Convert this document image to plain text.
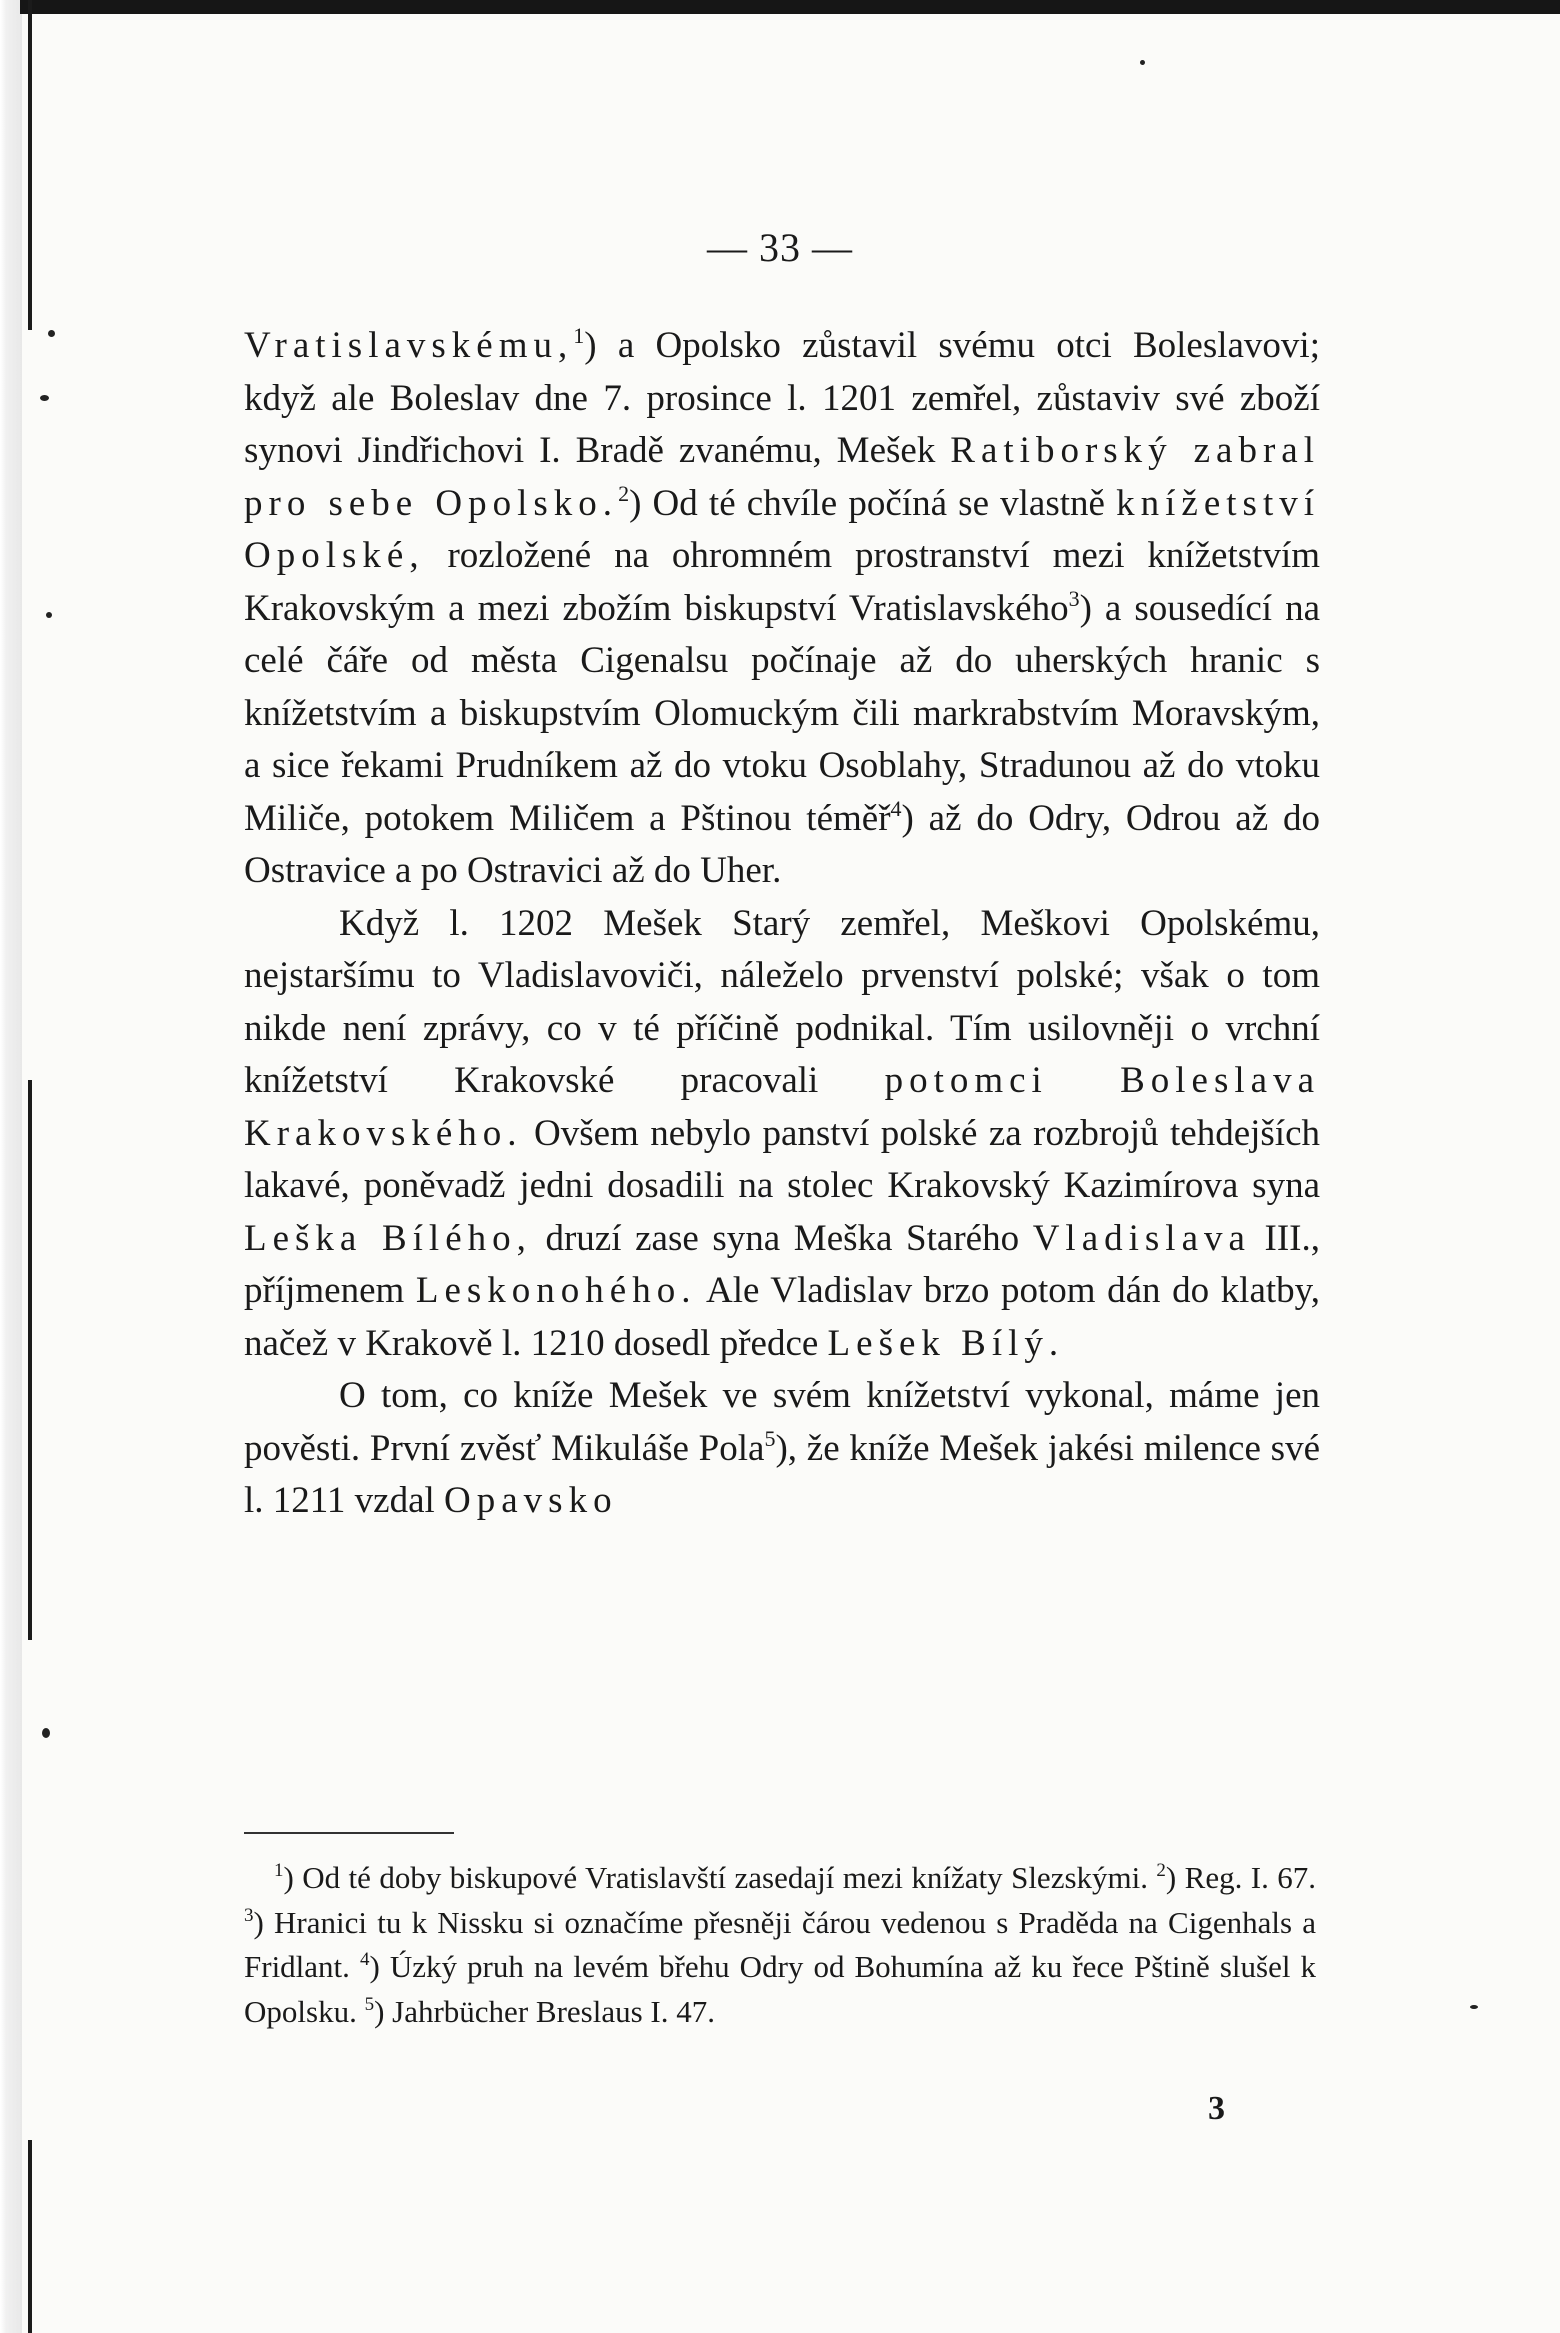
— 33 —

Vratislavskému,$^1$) a Opolsko zůstavil svému otci Boleslavovi; když ale Boleslav dne 7. prosince l. 1201 zemřel, zůstaviv své zboží synovi Jindřichovi I. Bradě zvanému, Mešek Ratiborský zabral pro sebe Opolsko.$^2$) Od té chvíle počíná se vlastně knížetství Opolské, rozložené na ohromném prostranství mezi knížetstvím Krakovským a mezi zbožím biskupství Vratislavského$^3$) a sousedící na celé čáře od města Cigenalsu počínaje až do uherských hranic s knížetstvím a biskupstvím Olomuckým čili markrabstvím Moravským, a sice řekami Prudníkem až do vtoku Osoblahy, Stradunou až do vtoku Miliče, potokem Miličem a Pštinou téměř$^4$) až do Odry, Odrou až do Ostravice a po Ostravici až do Uher.

Když l. 1202 Mešek Starý zemřel, Meškovi Opolskému, nejstaršímu to Vladislavoviči, náleželo prvenství polské; však o tom nikde není zprávy, co v té příčině podnikal. Tím usilovněji o vrchní knížetství Krakovské pracovali potomci Boleslava Krakovského. Ovšem nebylo panství polské za rozbrojů tehdejších lakavé, poněvadž jedni dosadili na stolec Krakovský Kazimírova syna Leška Bílého, druzí zase syna Meška Starého Vladislava III., příjmenem Leskonohého. Ale Vladislav brzo potom dán do klatby, načež v Krakově l. 1210 dosedl předce Lešek Bílý.

O tom, co kníže Mešek ve svém knížetství vykonal, máme jen pověsti. První zvěsť Mikuláše Pola$^5$), že kníže Mešek jakési milence své l. 1211 vzdal Opavsko

$^1$) Od té doby biskupové Vratislavští zasedají mezi knížaty Slezskými. $^2$) Reg. I. 67. $^3$) Hranici tu k Nissku si označíme přesněji čárou vedenou s Praděda na Cigenhals a Fridlant. $^4$) Úzký pruh na levém břehu Odry od Bohumína až ku řece Pštině slušel k Opolsku. $^5$) Jahrbücher Breslaus I. 47.

3
